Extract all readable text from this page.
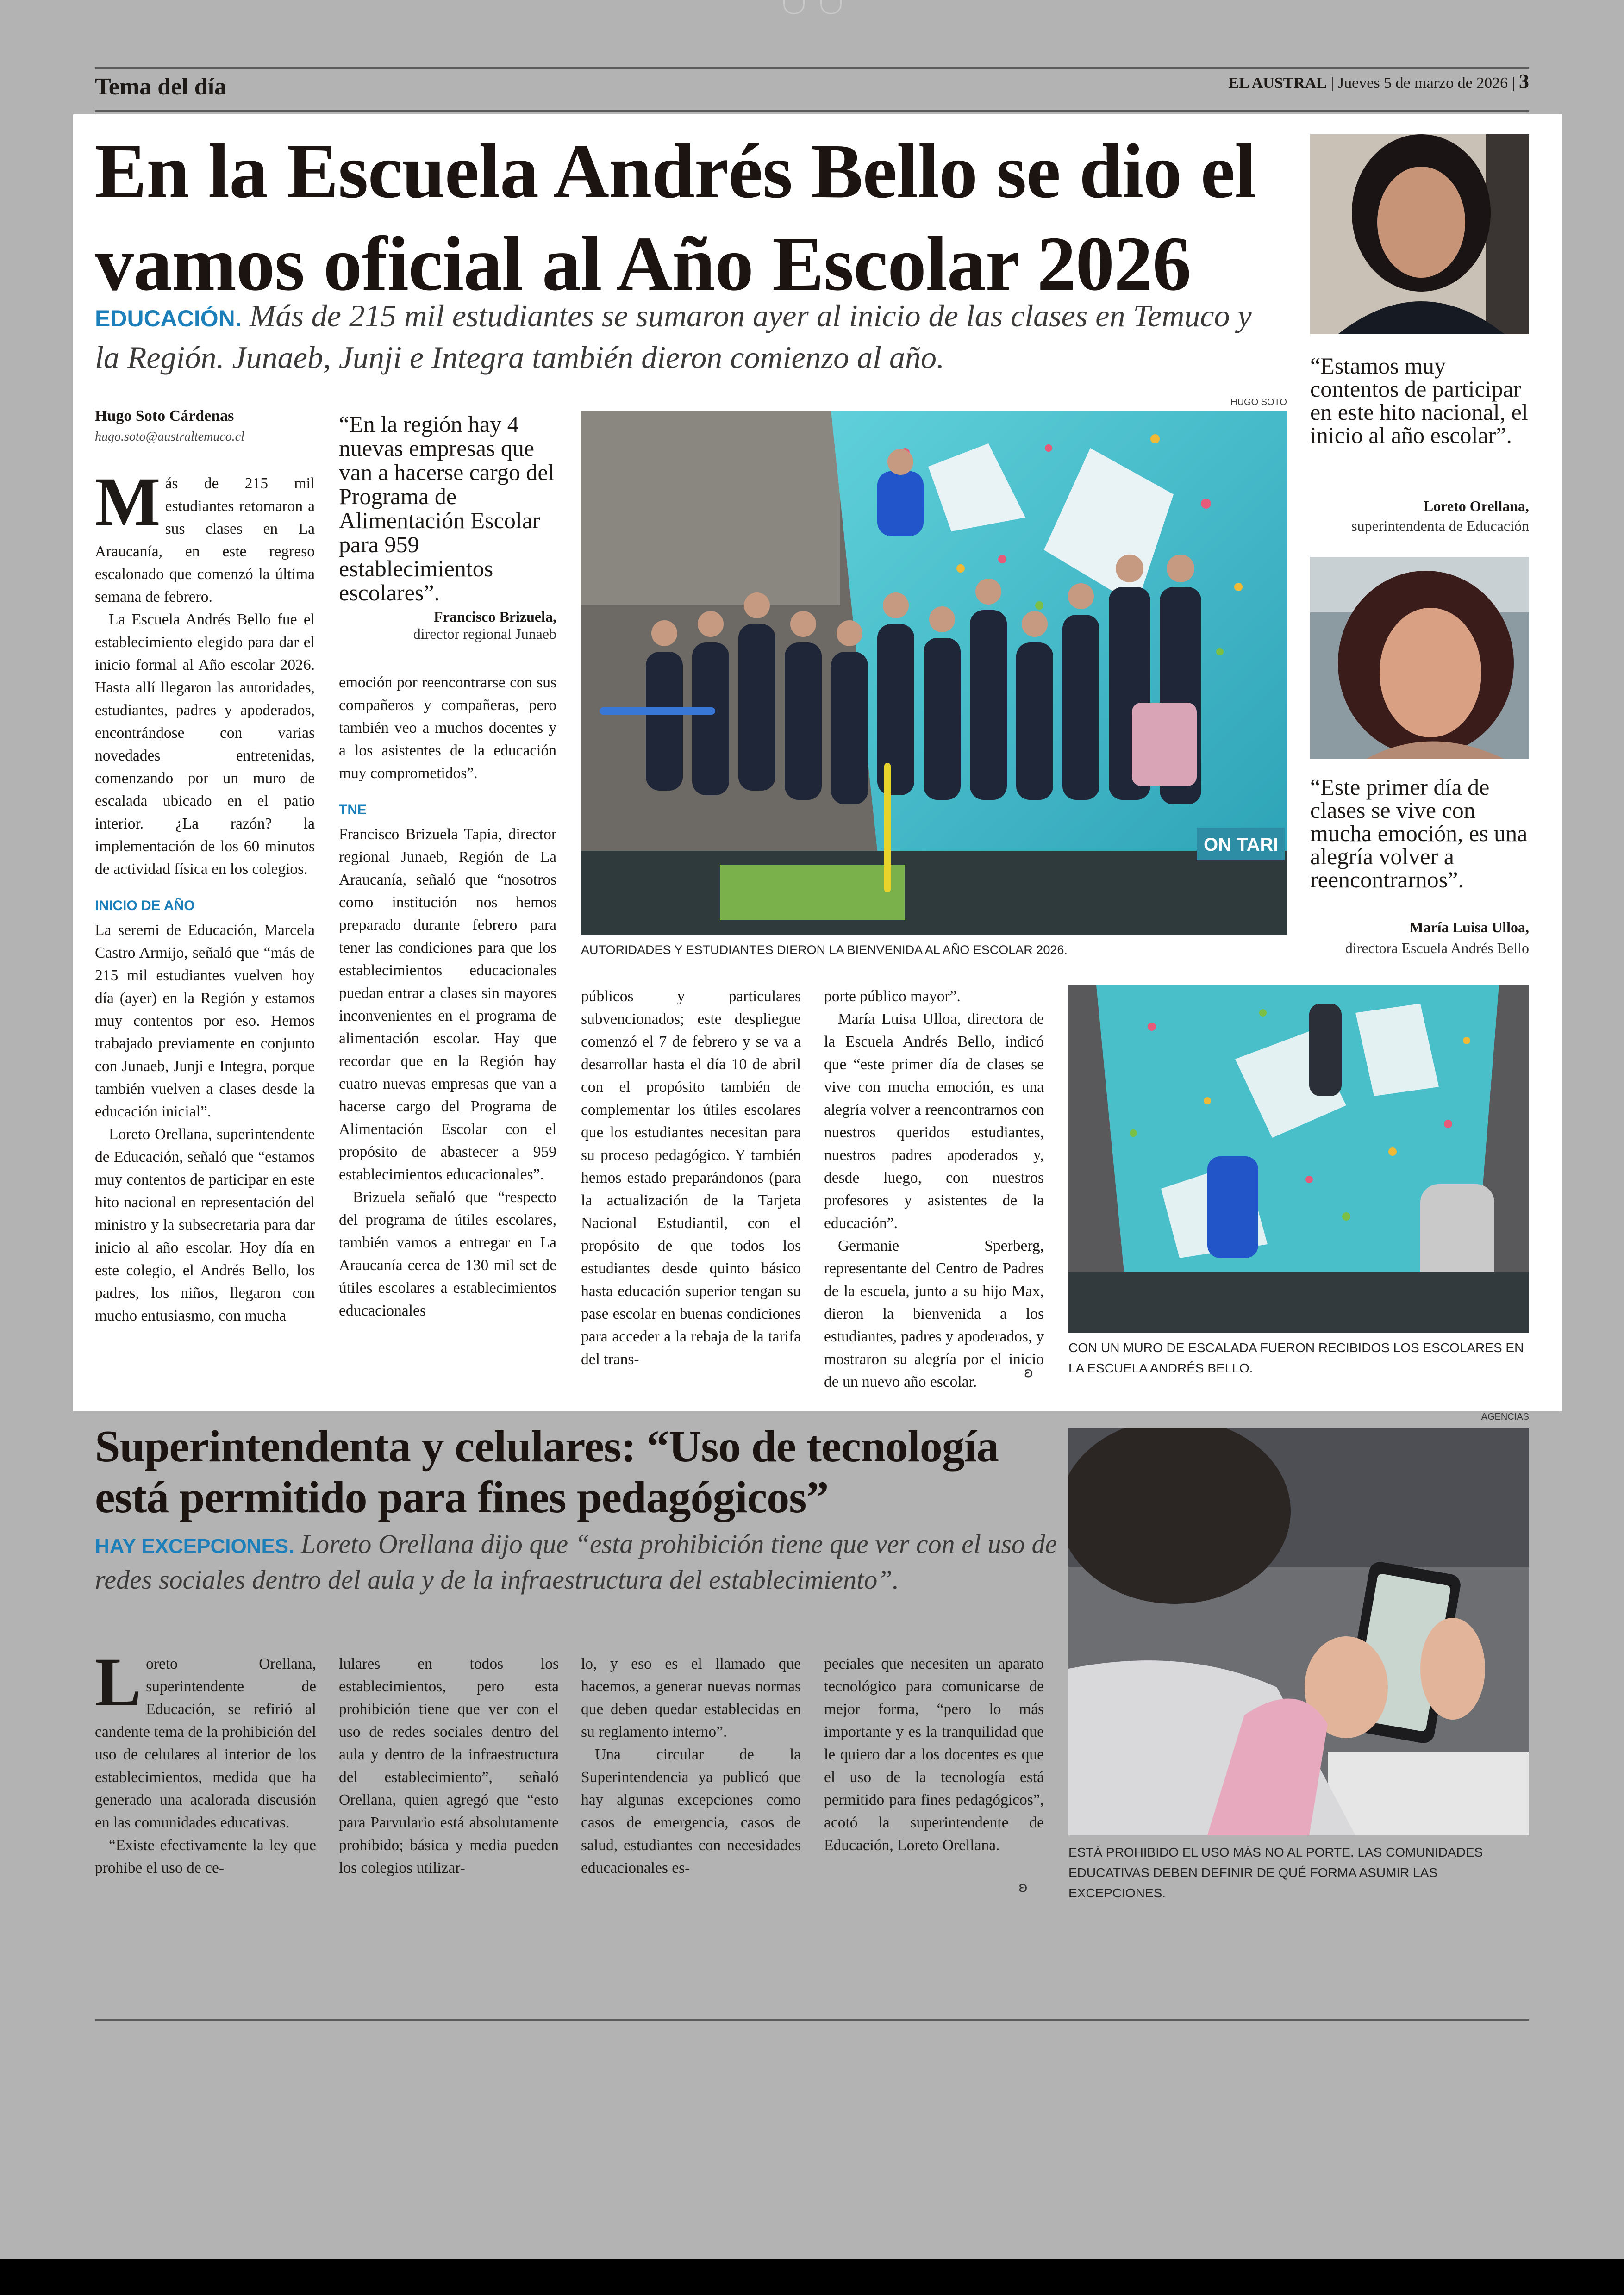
Tema del día	EL AUSTRAL | Jueves 5 de marzo de 2026 | 3
En la Escuela Andrés Bello se dio el
vamos oficial al Año Escolar 2026
EDUCACIÓN. Más de 215 mil estudiantes se sumaron ayer al inicio de las clases en Temuco y la Región. Junaeb, Junji e Integra también dieron comienzo al año.
Hugo Soto Cárdenas
hugo.soto@australtemuco.cl
M ás de 215 mil estudiantes retomaron a sus clases en La Araucanía, en este regreso escalonado que comenzó la última semana de febrero.

La Escuela Andrés Bello fue el establecimiento elegido para dar el inicio formal al Año escolar 2026. Hasta allí llegaron las autoridades, estudiantes, padres y apoderados, encontrándose con varias novedades entretenidas, comenzando por un muro de escalada ubicado en el patio interior. ¿La razón? la implementación de los 60 minutos de actividad física en los colegios.

INICIO DE AÑO

La seremi de Educación, Marcela Castro Armijo, señaló que “más de 215 mil estudiantes vuelven hoy día (ayer) en la Región y estamos muy contentos por eso. Hemos trabajado previamente en conjunto con Junaeb, Junji e Integra, porque también vuelven a clases desde la educación inicial”.

Loreto Orellana, superintendente de Educación, señaló que “estamos muy contentos de participar en este hito nacional en representación del ministro y la subsecretaria para dar inicio al año escolar. Hoy día en este colegio, el Andrés Bello, los padres, los niños, llegaron con mucho entusiasmo, con mucha

“En la región hay 4 nuevas empresas que van a hacerse cargo del Programa de Alimentación Escolar para 959 establecimientos escolares”.
Francisco Brizuela,
director regional Junaeb

emoción por reencontrarse con sus compañeros y compañeras, pero también veo a muchos docentes y a los asistentes de la educación muy comprometidos”.

TNE

Francisco Brizuela Tapia, director regional Junaeb, Región de La Araucanía, señaló que “nosotros como institución nos hemos preparado durante febrero para tener las condiciones para que los establecimientos educacionales puedan entrar a clases sin mayores inconvenientes en el programa de alimentación escolar. Hay que recordar que en la Región hay cuatro nuevas empresas que van a hacerse cargo del Programa de Alimentación Escolar con el propósito de abastecer a 959 establecimientos educacionales”.

Brizuela señaló que “respecto del programa de útiles escolares, también vamos a entregar en La Araucanía cerca de 130 mil set de útiles escolares a establecimientos educacionales

HUGO SOTO
ON TARI
AUTORIDADES Y ESTUDIANTES DIERON LA BIENVENIDA AL AÑO ESCOLAR 2026.

públicos y particulares subvencionados; este despliegue comenzó el 7 de febrero y se va a desarrollar hasta el día 10 de abril con el propósito también de complementar los útiles escolares que los estudiantes necesitan para su proceso pedagógico. Y también hemos estado preparándonos (para la actualización de la Tarjeta Nacional Estudiantil, con el propósito de que todos los estudiantes desde quinto básico hasta educación superior tengan su pase escolar en buenas condiciones para acceder a la rebaja de la tarifa del trans-

porte público mayor”.

María Luisa Ulloa, directora de la Escuela Andrés Bello, indicó que “este primer día de clases se vive con mucha emoción, es una alegría volver a reencontrarnos con nuestros queridos estudiantes, nuestros padres apoderados y, desde luego, con nuestros profesores y asistentes de la educación”.

Germanie Sperberg, representante del Centro de Padres de la escuela, junto a su hijo Max, dieron la bienvenida a los estudiantes, padres y apoderados, y mostraron su alegría por el inicio de un nuevo año escolar.

CON UN MURO DE ESCALADA FUERON RECIBIDOS LOS ESCOLARES EN LA ESCUELA ANDRÉS BELLO.
“Estamos muy contentos de participar en este hito nacional, el inicio al año escolar”.
Loreto Orellana,
superintendenta de Educación
“Este primer día de clases se vive con mucha emoción, es una alegría volver a reencontrarnos”.
María Luisa Ulloa,
directora Escuela Andrés Bello
ʚ
AGENCIAS
Superintendenta y celulares: “Uso de tecnología
está permitido para fines pedagógicos”
HAY EXCEPCIONES. Loreto Orellana dijo que “esta prohibición tiene que ver con el uso de redes sociales dentro del aula y de la infraestructura del establecimiento”.
L oreto Orellana, superintendente de Educación, se refirió al candente tema de la prohibición del uso de celulares al interior de los establecimientos, medida que ha generado una acalorada discusión en las comunidades educativas.

“Existe efectivamente la ley que prohibe el uso de ce-

lulares en todos los establecimientos, pero esta prohibición tiene que ver con el uso de redes sociales dentro del aula y dentro de la infraestructura del establecimiento”, señaló Orellana, quien agregó que “esto para Parvulario está absolutamente prohibido; básica y media pueden los colegios utilizar-

lo, y eso es el llamado que hacemos, a generar nuevas normas que deben quedar establecidas en su reglamento interno”.

Una circular de la Superintendencia ya publicó que hay algunas excepciones como casos de emergencia, casos de salud, estudiantes con necesidades educacionales es-

peciales que necesiten un aparato tecnológico para comunicarse de mejor forma, “pero lo más importante y es la tranquilidad que le quiero dar a los docentes es que el uso de la tecnología está permitido para fines pedagógicos”, acotó la superintendente de Educación, Loreto Orellana.

ʚ
ESTÁ PROHIBIDO EL USO MÁS NO AL PORTE. LAS COMUNIDADES EDUCATIVAS DEBEN DEFINIR DE QUÉ FORMA ASUMIR LAS EXCEPCIONES.
